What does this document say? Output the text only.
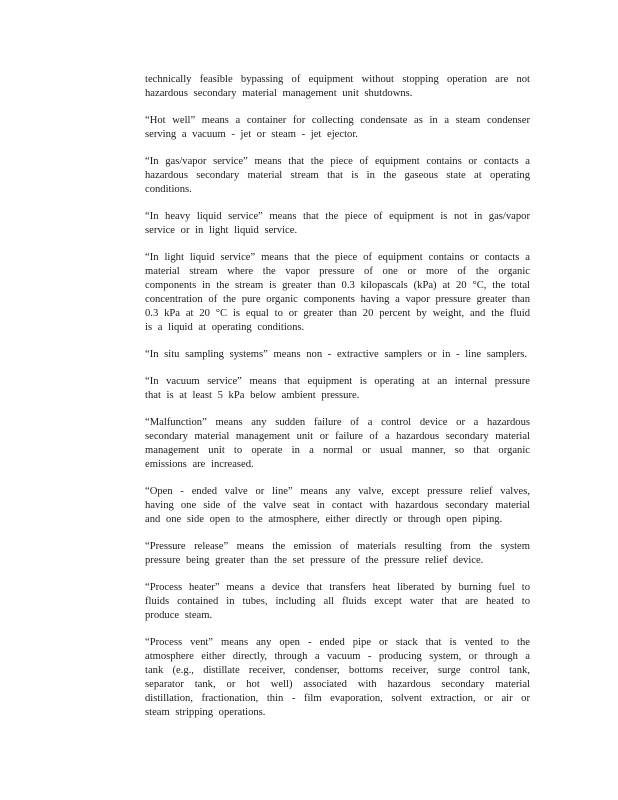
technically feasible bypassing of equipment without stopping operation are not hazardous secondary material management unit shutdowns.

“Hot well” means a container for collecting condensate as in a steam condenser serving a vacuum - jet or steam - jet ejector.

“In gas/vapor service” means that the piece of equipment contains or contacts a hazardous secondary material stream that is in the gaseous state at operating conditions.

“In heavy liquid service” means that the piece of equipment is not in gas/vapor service or in light liquid service.

“In light liquid service” means that the piece of equipment contains or contacts a material stream where the vapor pressure of one or more of the organic components in the stream is greater than 0.3 kilopascals (kPa) at 20 °C, the total concentration of the pure organic components having a vapor pressure greater than 0.3 kPa at 20 °C is equal to or greater than 20 percent by weight, and the fluid is a liquid at operating conditions.

“In situ sampling systems” means non - extractive samplers or in - line samplers.

“In vacuum service” means that equipment is operating at an internal pressure that is at least 5 kPa below ambient pressure.

“Malfunction” means any sudden failure of a control device or a hazardous secondary material management unit or failure of a hazardous secondary material management unit to operate in a normal or usual manner, so that organic emissions are increased.

“Open - ended valve or line” means any valve, except pressure relief valves, having one side of the valve seat in contact with hazardous secondary material and one side open to the atmosphere, either directly or through open piping.

“Pressure release” means the emission of materials resulting from the system pressure being greater than the set pressure of the pressure relief device.

“Process heater” means a device that transfers heat liberated by burning fuel to fluids contained in tubes, including all fluids except water that are heated to produce steam.

“Process vent” means any open - ended pipe or stack that is vented to the atmosphere either directly, through a vacuum - producing system, or through a tank (e.g., distillate receiver, condenser, bottoms receiver, surge control tank, separator tank, or hot well) associated with hazardous secondary material distillation, fractionation, thin - film evaporation, solvent extraction, or air or steam stripping operations.
